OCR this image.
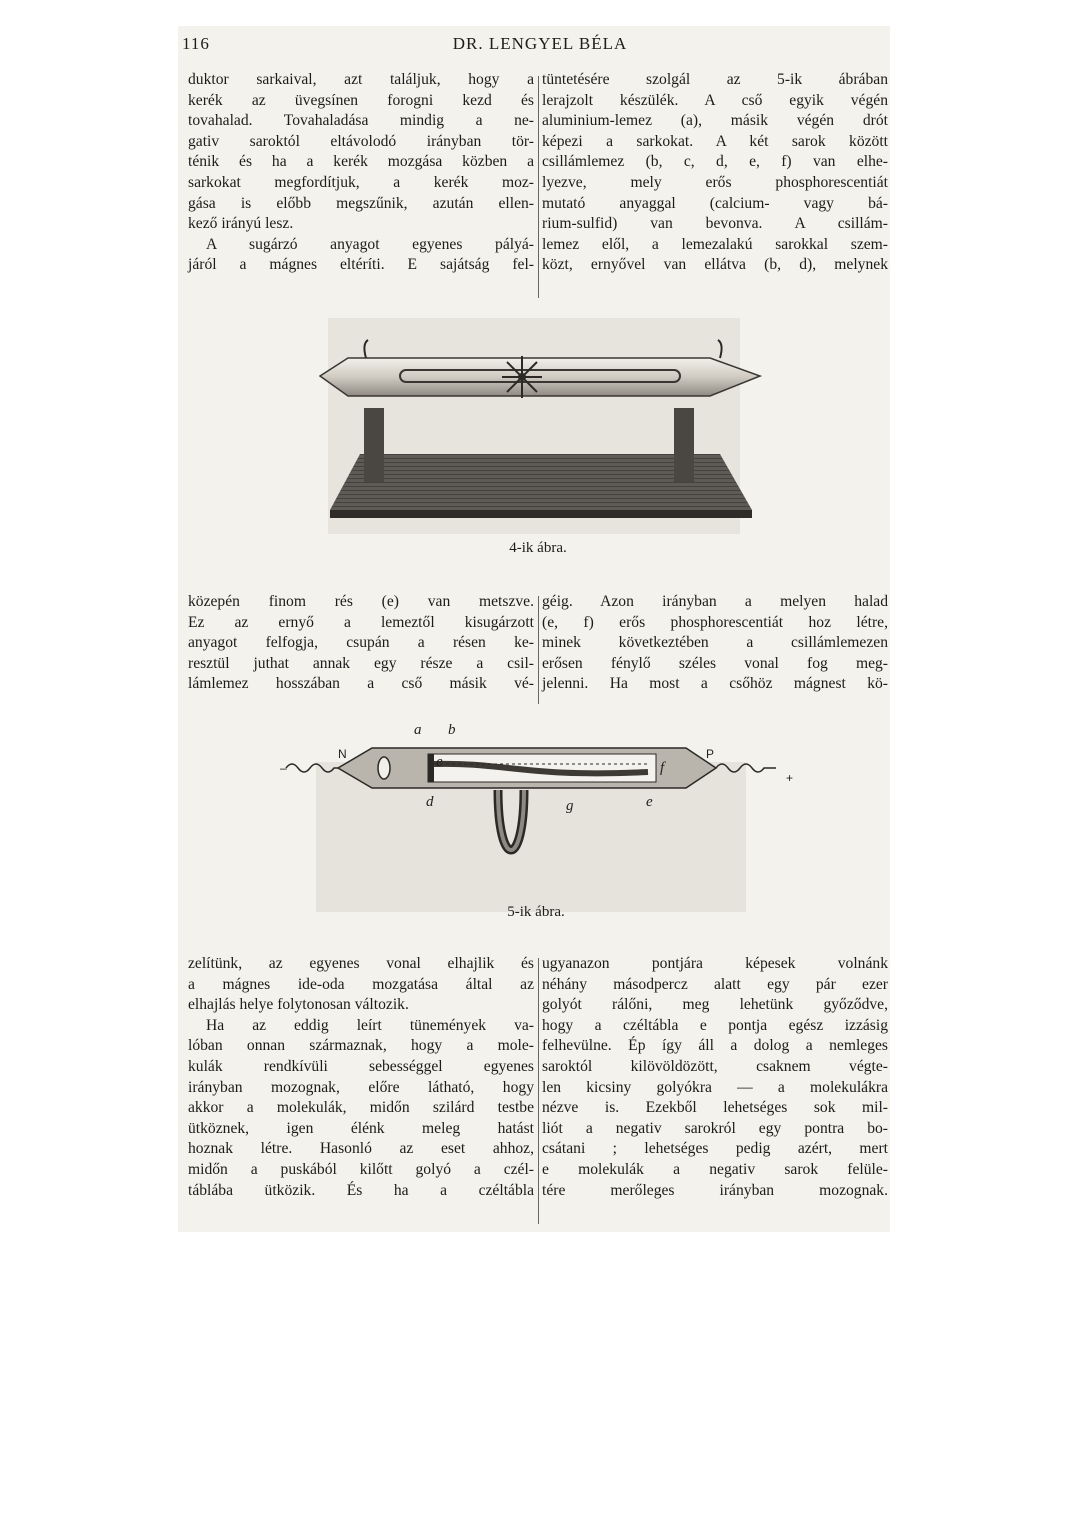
116	DR. LENGYEL BÉLA

duktor sarkaival, azt találjuk, hogy a

kerék az üvegsínen forogni kezd és

tovahalad. Tovahaladása mindig a ne-

gativ saroktól eltávolodó irányban tör-

ténik és ha a kerék mozgása közben a

sarkokat megfordítjuk, a kerék moz-

gása is előbb megszűnik, azután ellen-

kező irányú lesz.

A sugárzó anyagot egyenes pályá-

járól a mágnes eltéríti. E sajátság fel-

tüntetésére szolgál az 5-ik ábrában

lerajzolt készülék. A cső egyik végén

aluminium-lemez (a), másik végén drót

képezi a sarkokat. A két sarok között

csillámlemez (b, c, d, e, f) van elhe-

lyezve, mely erős phosphorescentiát

mutató anyaggal (calcium- vagy bá-

rium-sulfid) van bevonva. A csillám-

lemez elől, a lemezalakú sarokkal szem-

közt, ernyővel van ellátva (b, d), melynek

4-ik ábra.

közepén finom rés (e) van metszve.

Ez az ernyő a lemeztől kisugárzott

anyagot felfogja, csupán a résen ke-

resztül juthat annak egy része a csil-

lámlemez hosszában a cső másik vé-

géig. Azon irányban a melyen halad

(e, f) erős phosphorescentiát hoz létre,

minek következtében a csillámlemezen

erősen fénylő széles vonal fog meg-

jelenni. Ha most a csőhöz mágnest kö-

a b
N	e	P
f
d	g	e
–
+
5-ik ábra.

zelítünk, az egyenes vonal elhajlik és

a mágnes ide-oda mozgatása által az

elhajlás helye folytonosan változik.

Ha az eddig leírt tünemények va-

lóban onnan származnak, hogy a mole-

kulák rendkívüli sebességgel egyenes

irányban mozognak, előre látható, hogy

akkor a molekulák, midőn szilárd testbe

ütköznek, igen élénk meleg hatást

hoznak létre. Hasonló az eset ahhoz,

midőn a puskából kilőtt golyó a czél-

táblába ütközik. És ha a czéltábla

ugyanazon pontjára képesek volnánk

néhány másodpercz alatt egy pár ezer

golyót rálőni, meg lehetünk győződve,

hogy a czéltábla e pontja egész izzásig

felhevülne. Ép így áll a dolog a nemleges

saroktól kilövöldözött, csaknem végte-

len kicsiny golyókra — a molekulákra

nézve is. Ezekből lehetséges sok mil-

liót a negativ sarokról egy pontra bo-

csátani ; lehetséges pedig azért, mert

e molekulák a negativ sarok felüle-

tére merőleges irányban mozognak.
